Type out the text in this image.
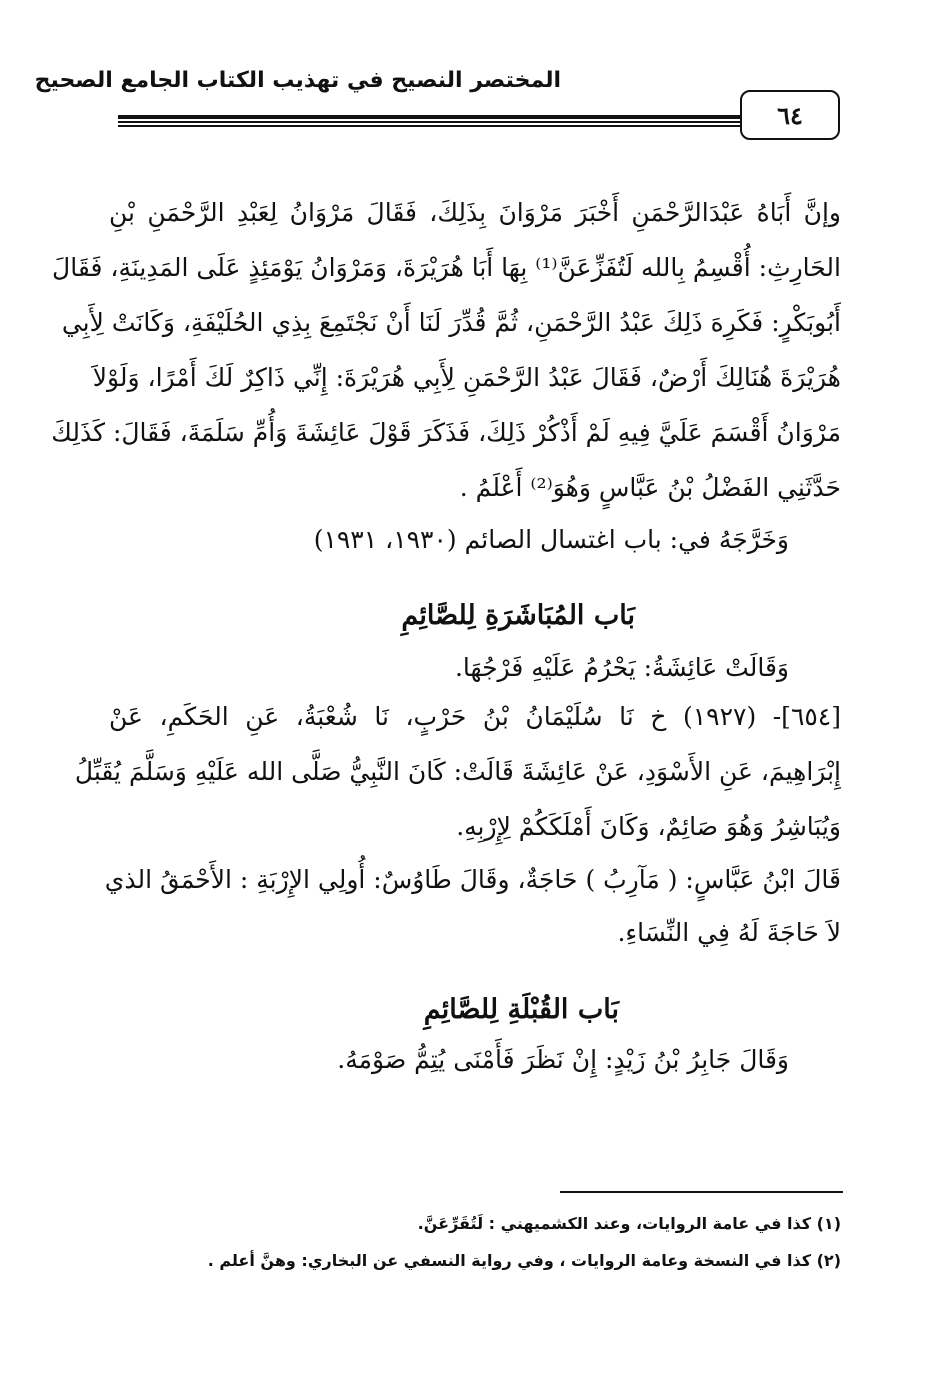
المختصر النصيح في تهذيب الكتاب الجامع الصحيح
٦٤
وإنَّ أَبَاهُ عَبْدَالرَّحْمَنِ أَخْبَرَ مَرْوَانَ بِذَلِكَ، فَقَالَ مَرْوَانُ لِعَبْدِ الرَّحْمَنِ بْنِ
الحَارِثِ: أُقْسِمُ بِالله لَتُفَزِّعَنَّ⁽¹⁾ بِهَا أَبَا هُرَيْرَةَ، وَمَرْوَانُ يَوْمَئِذٍ عَلَى المَدِينَةِ، فَقَالَ
أَبُوبَكْرٍ: فَكَرِهَ ذَلِكَ عَبْدُ الرَّحْمَنِ، ثُمَّ قُدِّرَ لَنَا أَنْ نَجْتَمِعَ بِذِي الحُلَيْفَةِ، وَكَانَتْ لِأَبِي
هُرَيْرَةَ هُنَالِكَ أَرْضٌ، فَقَالَ عَبْدُ الرَّحْمَنِ لِأَبِي هُرَيْرَةَ: إِنِّي ذَاكِرٌ لَكَ أَمْرًا، وَلَوْلاَ
مَرْوَانُ أَقْسَمَ عَلَيَّ فِيهِ لَمْ أَذْكُرْ ذَلِكَ، فَذَكَرَ قَوْلَ عَائِشَةَ وَأُمِّ سَلَمَةَ، فَقَالَ: كَذَلِكَ
حَدَّثَنِي الفَضْلُ بْنُ عَبَّاسٍ وَهُوَ⁽²⁾ أَعْلَمُ .
وَخَرَّجَهُ في: باب اغتسال الصائم (١٩٣٠، ١٩٣١)
بَاب المُبَاشَرَةِ لِلصَّائِمِ
وَقَالَتْ عَائِشَةُ: يَحْرُمُ عَلَيْهِ فَرْجُهَا.
[٦٥٤]- (١٩٢٧) خ نَا سُلَيْمَانُ بْنُ حَرْبٍ، نَا شُعْبَةُ، عَنِ الحَكَمِ، عَنْ
إِبْرَاهِيمَ، عَنِ الأَسْوَدِ، عَنْ عَائِشَةَ قَالَتْ: كَانَ النَّبِيُّ صَلَّى الله عَلَيْهِ وَسَلَّمَ يُقَبِّلُ
وَيُبَاشِرُ وَهُوَ صَائِمٌ، وَكَانَ أَمْلَكَكُمْ لِإِرْبِهِ.
قَالَ ابْنُ عَبَّاسٍ: ( مَآرِبُ ) حَاجَةٌ، وقَالَ طَاوُسٌ: أُولِي الإِرْبَةِ : الأَحْمَقُ الذي
لاَ حَاجَةَ لَهُ فِي النِّسَاءِ.
بَاب القُبْلَةِ لِلصَّائِمِ
وَقَالَ جَابِرُ بْنُ زَيْدٍ: إِنْ نَظَرَ فَأَمْنَى يُتِمُّ صَوْمَهُ.
(١) كذا في عامة الروايات، وعند الكشميهني : لَتُقَرِّعَنَّ.
(٢) كذا في النسخة وعامة الروايات ، وفي رواية النسفي عن البخاري: وهنَّ أعلم .
